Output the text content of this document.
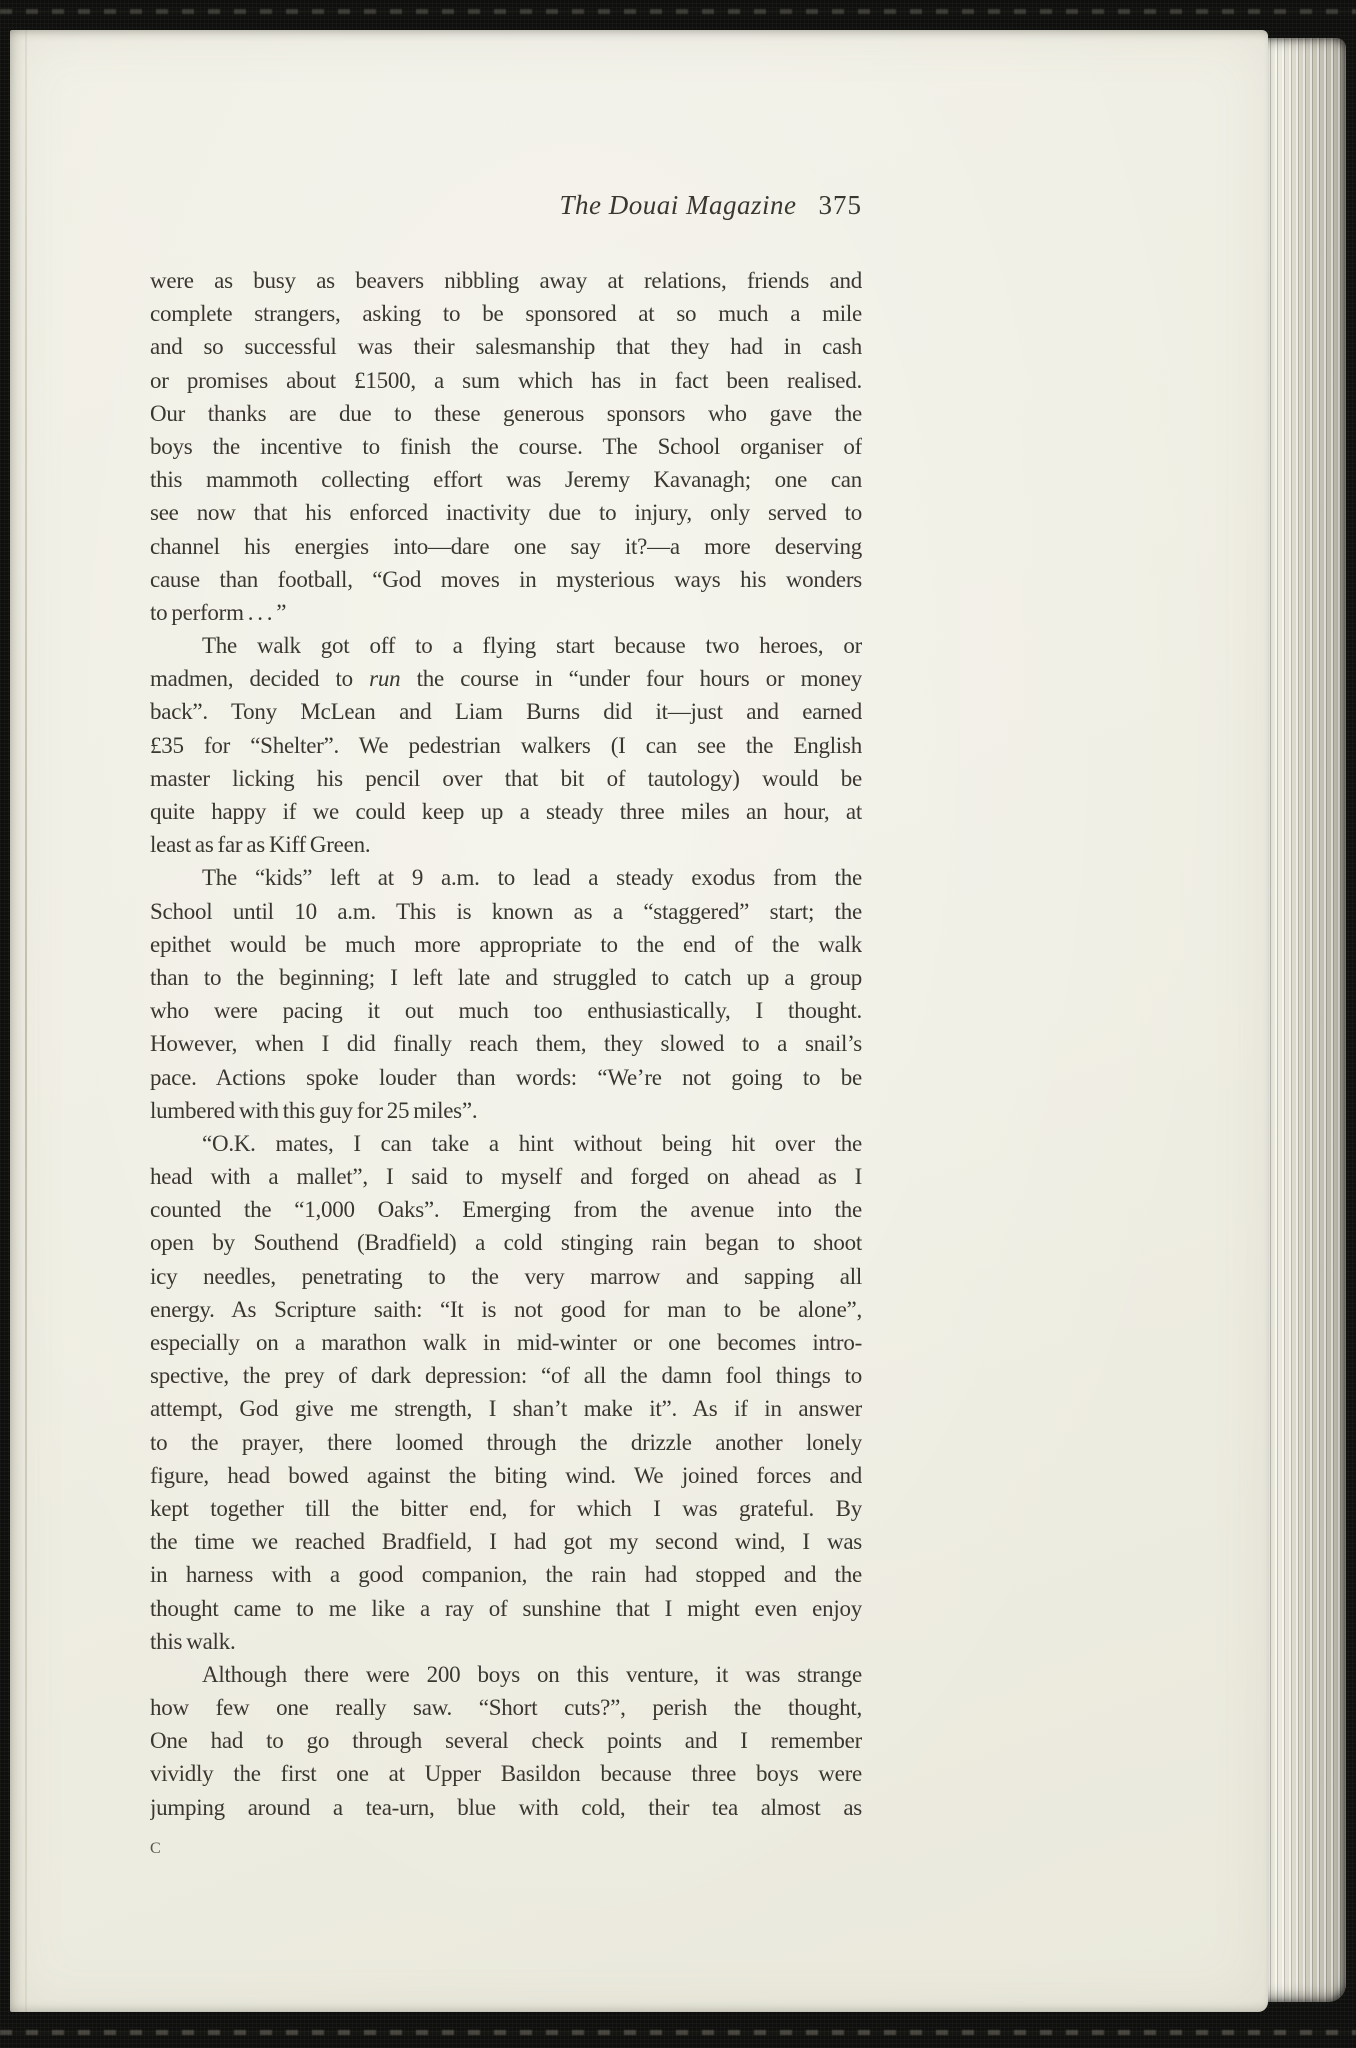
The Douai Magazine 375
were as busy as beavers nibbling away at relations, friends and
complete strangers, asking to be sponsored at so much a mile
and so successful was their salesmanship that they had in cash
or promises about £1500, a sum which has in fact been realised.
Our thanks are due to these generous sponsors who gave the
boys the incentive to finish the course. The School organiser of
this mammoth collecting effort was Jeremy Kavanagh; one can
see now that his enforced inactivity due to injury, only served to
channel his energies into—dare one say it?—a more deserving
cause than football, “God moves in mysterious ways his wonders
to perform . . . ”
The walk got off to a flying start because two heroes, or
madmen, decided to run the course in “under four hours or money
back”. Tony McLean and Liam Burns did it—just and earned
£35 for “Shelter”. We pedestrian walkers (I can see the English
master licking his pencil over that bit of tautology) would be
quite happy if we could keep up a steady three miles an hour, at
least as far as Kiff Green.
The “kids” left at 9 a.m. to lead a steady exodus from the
School until 10 a.m. This is known as a “staggered” start; the
epithet would be much more appropriate to the end of the walk
than to the beginning; I left late and struggled to catch up a group
who were pacing it out much too enthusiastically, I thought.
However, when I did finally reach them, they slowed to a snail’s
pace. Actions spoke louder than words: “We’re not going to be
lumbered with this guy for 25 miles”.
“O.K. mates, I can take a hint without being hit over the
head with a mallet”, I said to myself and forged on ahead as I
counted the “1,000 Oaks”. Emerging from the avenue into the
open by Southend (Bradfield) a cold stinging rain began to shoot
icy needles, penetrating to the very marrow and sapping all
energy. As Scripture saith: “It is not good for man to be alone”,
especially on a marathon walk in mid-winter or one becomes intro-
spective, the prey of dark depression: “of all the damn fool things to
attempt, God give me strength, I shan’t make it”. As if in answer
to the prayer, there loomed through the drizzle another lonely
figure, head bowed against the biting wind. We joined forces and
kept together till the bitter end, for which I was grateful. By
the time we reached Bradfield, I had got my second wind, I was
in harness with a good companion, the rain had stopped and the
thought came to me like a ray of sunshine that I might even enjoy
this walk.
Although there were 200 boys on this venture, it was strange
how few one really saw. “Short cuts?”, perish the thought,
One had to go through several check points and I remember
vividly the first one at Upper Basildon because three boys were
jumping around a tea-urn, blue with cold, their tea almost as
C
